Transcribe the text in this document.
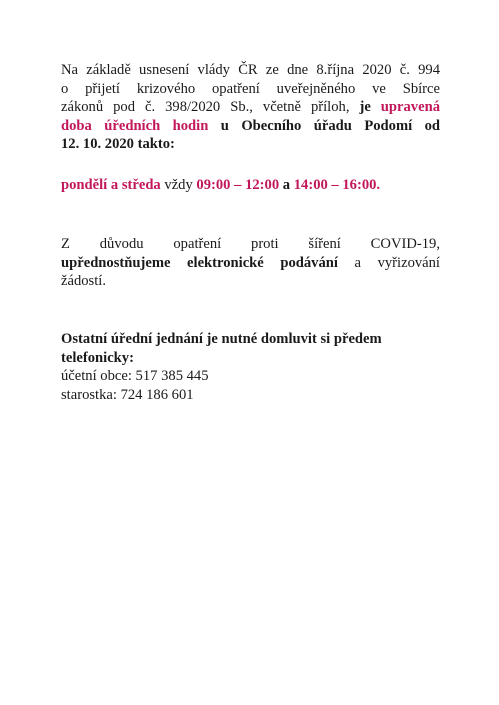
Na základě usnesení vlády ČR ze dne 8.října 2020 č. 994
o přijetí krizového opatření uveřejněného ve Sbírce
zákonů pod č. 398/2020 Sb., včetně příloh, je upravená
doba úředních hodin u Obecního úřadu Podomí od
12. 10. 2020 takto:
pondělí a středa vždy 09:00 – 12:00 a 14:00 – 16:00.
Z důvodu opatření proti šíření COVID-19,
upřednostňujeme elektronické podávání a vyřizování
žádostí.
Ostatní úřední jednání je nutné domluvit si předem
telefonicky:
účetní obce: 517 385 445
starostka: 724 186 601
